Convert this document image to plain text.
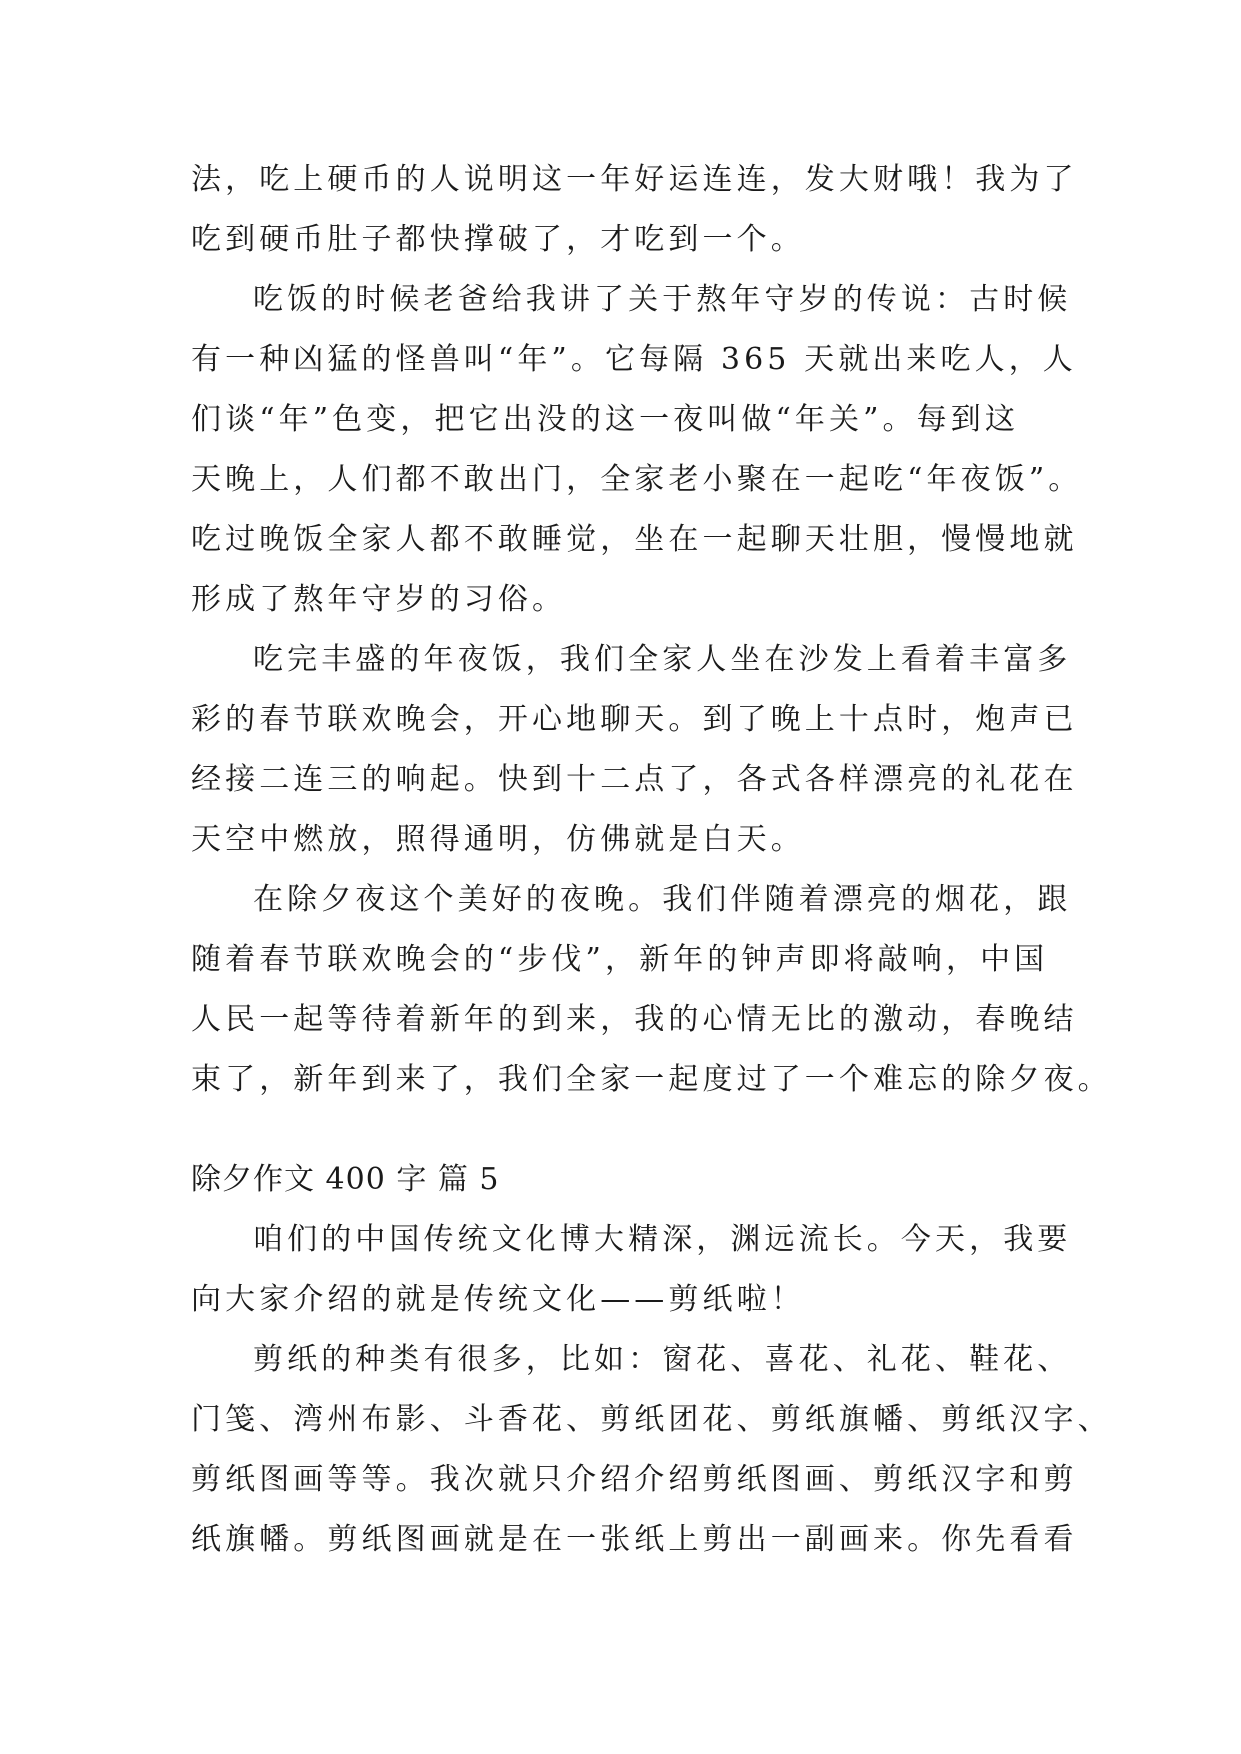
法，吃上硬币的人说明这一年好运连连，发大财哦！我为了
吃到硬币肚子都快撑破了，才吃到一个。
吃饭的时候老爸给我讲了关于熬年守岁的传说：古时候
有一种凶猛的怪兽叫“年”。它每隔 365 天就出来吃人，人
们谈“年”色变，把它出没的这一夜叫做“年关”。每到这
天晚上，人们都不敢出门，全家老小聚在一起吃“年夜饭”。
吃过晚饭全家人都不敢睡觉，坐在一起聊天壮胆，慢慢地就
形成了熬年守岁的习俗。
吃完丰盛的年夜饭，我们全家人坐在沙发上看着丰富多
彩的春节联欢晚会，开心地聊天。到了晚上十点时，炮声已
经接二连三的响起。快到十二点了，各式各样漂亮的礼花在
天空中燃放，照得通明，仿佛就是白天。
在除夕夜这个美好的夜晚。我们伴随着漂亮的烟花，跟
随着春节联欢晚会的“步伐”，新年的钟声即将敲响，中国
人民一起等待着新年的到来，我的心情无比的激动，春晚结
束了，新年到来了，我们全家一起度过了一个难忘的除夕夜。
除夕作文 400 字 篇 5
咱们的中国传统文化博大精深，渊远流长。今天，我要
向大家介绍的就是传统文化——剪纸啦！
剪纸的种类有很多，比如：窗花、喜花、礼花、鞋花、
门笺、湾州布影、斗香花、剪纸团花、剪纸旗幡、剪纸汉字、
剪纸图画等等。我次就只介绍介绍剪纸图画、剪纸汉字和剪
纸旗幡。剪纸图画就是在一张纸上剪出一副画来。你先看看
